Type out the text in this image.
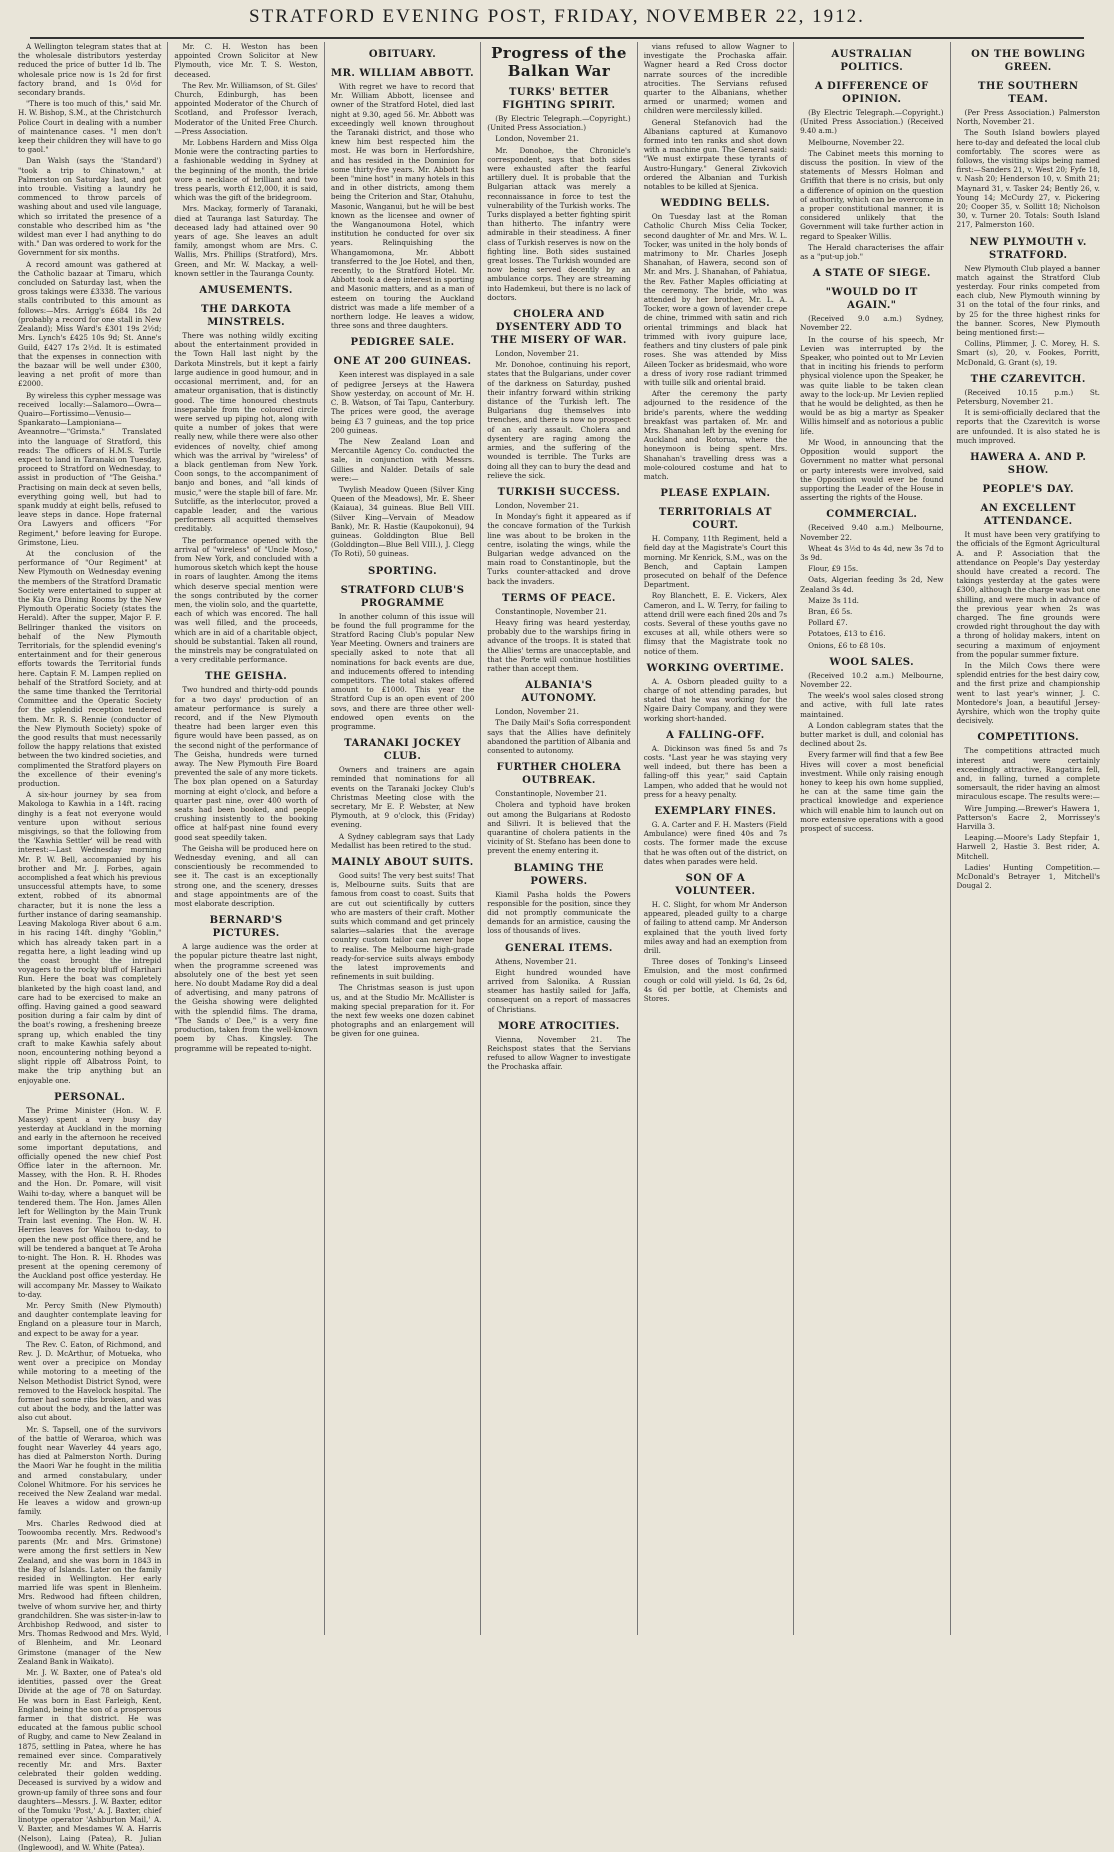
STRATFORD EVENING POST, FRIDAY, NOVEMBER 22, 1912.

A Wellington telegram states that at the wholesale distributors yesterday reduced the price of butter 1d lb. The wholesale price now is 1s 2d for first factory brand, and 1s 0½d for secondary brands.

"There is too much of this," said Mr. H. W. Bishop, S.M., at the Christchurch Police Court in dealing with a number of maintenance cases. "I men don't keep their children they will have to go to gaol."

Dan Walsh (says the 'Standard') "took a trip to Chinatown," at Palmerston on Saturday last, and got into trouble. Visiting a laundry he commenced to throw parcels of washing about and used vile language, which so irritated the presence of a constable who described him as "the wildest man ever I had anything to do with." Dan was ordered to work for the Government for six months.

A record amount was gathered at the Catholic bazaar at Timaru, which concluded on Saturday last, when the gross takings were £3338. The various stalls contributed to this amount as follows:—Mrs. Arrigg's £684 18s 2d (probably a record for one stall in New Zealand); Miss Ward's £301 19s 2½d; Mrs. Lynch's £425 10s 9d; St. Anne's Guild, £427 17s 2½d. It is estimated that the expenses in connection with the bazaar will be well under £300, leaving a net profit of more than £2000.

By wireless this cypher message was received locally:—Salamoro—Owra—Quairo—Fortissimo—Venusio—Spankarato—Lampioniana—Aveannotre—"Grimsta." Translated into the language of Stratford, this reads: The officers of H.M.S. Turtle expect to land in Taranaki on Tuesday, proceed to Stratford on Wednesday, to assist in production of "The Geisha." Practising on main deck at seven bells, everything going well, but had to spank muddy at eight bells, refused to leave steps in dance. Hope fraternal Ora Lawyers and officers "For Regiment," before leaving for Europe. Grimstone, Lieu.

At the conclusion of the performance of "Our Regiment" at New Plymouth on Wednesday evening the members of the Stratford Dramatic Society were entertained to supper at the Kia Ora Dining Rooms by the New Plymouth Operatic Society (states the Herald). After the supper, Major F. F. Bellringer thanked the visitors on behalf of the New Plymouth Territorials, for the splendid evening's entertainment and for their generous efforts towards the Territorial funds here. Captain F. M. Lampen replied on behalf of the Stratford Society, and at the same time thanked the Territorial Committee and the Operatic Society for the splendid reception tendered them. Mr. R. S. Rennie (conductor of the New Plymouth Society) spoke of the good results that must necessarily follow the happy relations that existed between the two kindred societies, and complimented the Stratford players on the excellence of their evening's production.

A six-hour journey by sea from Makologa to Kawhia in a 14ft. racing dinghy is a feat not everyone would venture upon without serious misgivings, so that the following from the 'Kawhia Settler' will be read with interest:—Last Wednesday morning Mr. P. W. Bell, accompanied by his brother and Mr. J. Forbes, again accomplished a feat which his previous unsuccessful attempts have, to some extent, robbed of its abnormal character, but it is none the less a further instance of daring seamanship. Leaving Makologa River about 6 a.m. in his racing 14ft. dinghy "Goblin," which has already taken part in a regatta here, a light leading wind up the coast brought the intrepid voyagers to the rocky bluff of Harihari Run. Here the boat was completely blanketed by the high coast land, and care had to be exercised to make an offing. Having gained a good seaward position during a fair calm by dint of the boat's rowing, a freshening breeze sprang up, which enabled the tiny craft to make Kawhia safely about noon, encountering nothing beyond a slight ripple off Albatross Point, to make the trip anything but an enjoyable one.

PERSONAL.

The Prime Minister (Hon. W. F. Massey) spent a very busy day yesterday at Auckland in the morning and early in the afternoon he received some important deputations, and officially opened the new chief Post Office later in the afternoon. Mr. Massey, with the Hon. R. H. Rhodes and the Hon. Dr. Pomare, will visit Waihi to-day, where a banquet will be tendered them. The Hon. James Allen left for Wellington by the Main Trunk Train last evening. The Hon. W. H. Herries leaves for Waihou to-day, to open the new post office there, and he will be tendered a banquet at Te Aroha to-night. The Hon. R. H. Rhodes was present at the opening ceremony of the Auckland post office yesterday. He will accompany Mr. Massey to Waikato to-day.

Mr. Percy Smith (New Plymouth) and daughter contemplate leaving for England on a pleasure tour in March, and expect to be away for a year.

The Rev. C. Eaton, of Richmond, and Rev. J. D. McArthur, of Motueka, who went over a precipice on Monday while motoring to a meeting of the Nelson Methodist District Synod, were removed to the Havelock hospital. The former had some ribs broken, and was cut about the body, and the latter was also cut about.

Mr. S. Tapsell, one of the survivors of the battle of Weraroa, which was fought near Waverley 44 years ago, has died at Palmerston North. During the Maori War he fought in the militia and armed constabulary, under Colonel Whitmore. For his services he received the New Zealand war medal. He leaves a widow and grown-up family.

Mrs. Charles Redwood died at Toowoomba recently. Mrs. Redwood's parents (Mr. and Mrs. Grimstone) were among the first settlers in New Zealand, and she was born in 1843 in the Bay of Islands. Later on the family resided in Wellington. Her early married life was spent in Blenheim. Mrs. Redwood had fifteen children, twelve of whom survive her, and thirty grandchildren. She was sister-in-law to Archbishop Redwood, and sister to Mrs. Thomas Redwood and Mrs. Wyld, of Blenheim, and Mr. Leonard Grimstone (manager of the New Zealand Bank in Waikato).

Mr. J. W. Baxter, one of Patea's old identities, passed over the Great Divide at the age of 78 on Saturday. He was born in East Farleigh, Kent, England, being the son of a prosperous farmer in that district. He was educated at the famous public school of Rugby, and came to New Zealand in 1875, settling in Patea, where he has remained ever since. Comparatively recently Mr. and Mrs. Baxter celebrated their golden wedding. Deceased is survived by a widow and grown-up family of three sons and four daughters—Messrs. J. W. Baxter, editor of the Tomuku 'Post,' A. J. Baxter, chief linotype operator 'Ashburton Mail,' A. V. Baxter, and Mesdames W. A. Harris (Nelson), Laing (Patea), R. Julian (Inglewood), and W. White (Patea).

Mr. C. H. Weston has been appointed Crown Solicitor at New Plymouth, vice Mr. T. S. Weston, deceased.

The Rev. Mr. Williamson, of St. Giles' Church, Edinburgh, has been appointed Moderator of the Church of Scotland, and Professor Iverach, Moderator of the United Free Church.—Press Association.

Mr. Lobbens Hardern and Miss Olga Monie were the contracting parties to a fashionable wedding in Sydney at the beginning of the month, the bride wore a necklace of brilliant and two tress pearls, worth £12,000, it is said, which was the gift of the bridegroom.

Mrs. Mackay, formerly of Taranaki, died at Tauranga last Saturday. The deceased lady had attained over 90 years of age. She leaves an adult family, amongst whom are Mrs. C. Wallis, Mrs. Phillips (Stratford), Mrs. Green, and Mr. W. Mackay, a well-known settler in the Tauranga County.

AMUSEMENTS.
THE DARKOTA MINSTRELS.

There was nothing wildly exciting about the entertainment provided in the Town Hall last night by the Darkota Minstrels, but it kept a fairly large audience in good humour, and in occasional merriment, and, for an amateur organisation, that is distinctly good. The time honoured chestnuts inseparable from the coloured circle were served up piping hot, along with quite a number of jokes that were really new, while there were also other evidences of novelty, chief among which was the arrival by "wireless" of a black gentleman from New York. Coon songs, to the accompaniment of banjo and bones, and "all kinds of music," were the staple bill of fare. Mr. Sutcliffe, as the interlocutor, proved a capable leader, and the various performers all acquitted themselves creditably.

The performance opened with the arrival of "wireless" of "Uncle Moso," from New York, and concluded with a humorous sketch which kept the house in roars of laughter. Among the items which deserve special mention were the songs contributed by the corner men, the violin solo, and the quartette, each of which was encored. The hall was well filled, and the proceeds, which are in aid of a charitable object, should be substantial. Taken all round, the minstrels may be congratulated on a very creditable performance.

THE GEISHA.

Two hundred and thirty-odd pounds for a two days' production of an amateur performance is surely a record, and if the New Plymouth theatre had been larger even this figure would have been passed, as on the second night of the performance of The Geisha, hundreds were turned away. The New Plymouth Fire Board prevented the sale of any more tickets. The box plan opened on a Saturday morning at eight o'clock, and before a quarter past nine, over 400 worth of seats had been booked, and people crushing insistently to the booking office at half-past nine found every good seat speedily taken.

The Geisha will be produced here on Wednesday evening, and all can conscientiously be recommended to see it. The cast is an exceptionally strong one, and the scenery, dresses and stage appointments are of the most elaborate description.

BERNARD'S PICTURES.

A large audience was the order at the popular picture theatre last night, when the programme screened was absolutely one of the best yet seen here. No doubt Madame Roy did a deal of advertising, and many patrons of the Geisha showing were delighted with the splendid films. The drama, "The Sands o' Dee," is a very fine production, taken from the well-known poem by Chas. Kingsley. The programme will be repeated to-night.

OBITUARY.
MR. WILLIAM ABBOTT.

With regret we have to record that Mr. William Abbott, licensee and owner of the Stratford Hotel, died last night at 9.30, aged 56. Mr. Abbott was exceedingly well known throughout the Taranaki district, and those who knew him best respected him the most. He was born in Herfordshire, and has resided in the Dominion for some thirty-five years. Mr. Abbott has been "mine host" in many hotels in this and in other districts, among them being the Criterion and Star, Otahuhu, Masonic, Wanganui, but he will be best known as the licensee and owner of the Wanganoumona Hotel, which institution he conducted for over six years. Relinquishing the Whangamomona, Mr. Abbott transferred to the Joe Hotel, and then, recently, to the Stratford Hotel. Mr. Abbott took a deep interest in sporting and Masonic matters, and as a man of esteem on touring the Auckland district was made a life member of a northern lodge. He leaves a widow, three sons and three daughters.

PEDIGREE SALE.
ONE AT 200 GUINEAS.

Keen interest was displayed in a sale of pedigree Jerseys at the Hawera Show yesterday, on account of Mr. H. C. B. Watson, of Tai Tapu, Canterbury. The prices were good, the average being £3 7 guineas, and the top price 200 guineas.

The New Zealand Loan and Mercantile Agency Co. conducted the sale, in conjunction with Messrs. Gillies and Nalder. Details of sale were:—

Twylish Meadow Queen (Silver King Queen of the Meadows), Mr. E. Sheer (Kaiaua), 34 guineas. Blue Bell VIII. (Silver King—Vervain of Meadow Bank), Mr. R. Hastie (Kaupokonui), 94 guineas. Golddington Blue Bell (Golddington—Blue Bell VIII.), J. Clegg (To Roti), 50 guineas.

SPORTING.
STRATFORD CLUB'S PROGRAMME

In another column of this issue will be found the full programme for the Stratford Racing Club's popular New Year Meeting. Owners and trainers are specially asked to note that all nominations for back events are due, and inducements offered to intending competitors. The total stakes offered amount to £1000. This year the Stratford Cup is an open event of 200 sovs, and there are three other well-endowed open events on the programme.

TARANAKI JOCKEY CLUB.

Owners and trainers are again reminded that nominations for all events on the Taranaki Jockey Club's Christmas Meeting close with the secretary, Mr E. P. Webster, at New Plymouth, at 9 o'clock, this (Friday) evening.

A Sydney cablegram says that Lady Medallist has been retired to the stud.

MAINLY ABOUT SUITS.

Good suits! The very best suits! That is, Melbourne suits. Suits that are famous from coast to coast. Suits that are cut out scientifically by cutters who are masters of their craft. Mother suits which command and get princely salaries—salaries that the average country custom tailor can never hope to realise. The Melbourne high-grade ready-for-service suits always embody the latest improvements and refinements in suit building.

The Christmas season is just upon us, and at the Studio Mr. McAllister is making special preparation for it. For the next few weeks one dozen cabinet photographs and an enlargement will be given for one guinea.

Progress of the Balkan War
TURKS' BETTER FIGHTING SPIRIT.

(By Electric Telegraph.—Copyright.) (United Press Association.)

London, November 21.

Mr. Donohoe, the Chronicle's correspondent, says that both sides were exhausted after the fearful artillery duel. It is probable that the Bulgarian attack was merely a reconnaissance in force to test the vulnerability of the Turkish works. The Turks displayed a better fighting spirit than hitherto. The infantry were admirable in their steadiness. A finer class of Turkish reserves is now on the fighting line. Both sides sustained great losses. The Turkish wounded are now being served decently by an ambulance corps. They are streaming into Hademkeui, but there is no lack of doctors.

CHOLERA AND DYSENTERY ADD TO THE MISERY OF WAR.

London, November 21.

Mr. Donohoe, continuing his report, states that the Bulgarians, under cover of the darkness on Saturday, pushed their infantry forward within striking distance of the Turkish left. The Bulgarians dug themselves into trenches, and there is now no prospect of an early assault. Cholera and dysentery are raging among the armies, and the suffering of the wounded is terrible. The Turks are doing all they can to bury the dead and relieve the sick.

TURKISH SUCCESS.

London, November 21.

In Monday's fight it appeared as if the concave formation of the Turkish line was about to be broken in the centre, isolating the wings, while the Bulgarian wedge advanced on the main road to Constantinople, but the Turks counter-attacked and drove back the invaders.

TERMS OF PEACE.

Constantinople, November 21.

Heavy firing was heard yesterday, probably due to the warships firing in advance of the troops. It is stated that the Allies' terms are unacceptable, and that the Porte will continue hostilities rather than accept them.

ALBANIA'S AUTONOMY.

London, November 21.

The Daily Mail's Sofia correspondent says that the Allies have definitely abandoned the partition of Albania and consented to autonomy.

FURTHER CHOLERA OUTBREAK.

Constantinople, November 21.

Cholera and typhoid have broken out among the Bulgarians at Rodosto and Silivri. It is believed that the quarantine of cholera patients in the vicinity of St. Stefano has been done to prevent the enemy entering it.

BLAMING THE POWERS.

Kiamil Pasha holds the Powers responsible for the position, since they did not promptly communicate the demands for an armistice, causing the loss of thousands of lives.

GENERAL ITEMS.

Athens, November 21.

Eight hundred wounded have arrived from Salonika. A Russian steamer has hastily sailed for Jaffa, consequent on a report of massacres of Christians.

MORE ATROCITIES.

Vienna, November 21. The Reichspost states that the Servians refused to allow Wagner to investigate the Prochaska affair.

vians refused to allow Wagner to investigate the Prochaska affair. Wagner heard a Red Cross doctor narrate sources of the incredible atrocities. The Servians refused quarter to the Albanians, whether armed or unarmed; women and children were mercilessly killed.

General Stefanovich had the Albanians captured at Kumanovo formed into ten ranks and shot down with a machine gun. The General said: "We must extirpate these tyrants of Austro-Hungary." General Zivkovich ordered the Albanian and Turkish notables to be killed at Sjenica.

WEDDING BELLS.

On Tuesday last at the Roman Catholic Church Miss Celia Tocker, second daughter of Mr. and Mrs. W. L. Tocker, was united in the holy bonds of matrimony to Mr. Charles Joseph Shanahan, of Hawera, second son of Mr. and Mrs. J. Shanahan, of Pahiatua, the Rev. Father Maples officiating at the ceremony. The bride, who was attended by her brother, Mr. L. A. Tocker, wore a gown of lavender crepe de chine, trimmed with satin and rich oriental trimmings and black hat trimmed with ivory guipure lace, feathers and tiny clusters of pale pink roses. She was attended by Miss Aileen Tocker as bridesmaid, who wore a dress of ivory rose radiant trimmed with tuille silk and oriental braid.

After the ceremony the party adjourned to the residence of the bride's parents, where the wedding breakfast was partaken of. Mr. and Mrs. Shanahan left by the evening for Auckland and Rotorua, where the honeymoon is being spent. Mrs. Shanahan's travelling dress was a mole-coloured costume and hat to match.

PLEASE EXPLAIN.
TERRITORIALS AT COURT.

H. Company, 11th Regiment, held a field day at the Magistrate's Court this morning. Mr Kenrick, S.M., was on the Bench, and Captain Lampen prosecuted on behalf of the Defence Department.

Roy Blanchett, E. E. Vickers, Alex Cameron, and L. W. Terry, for failing to attend drill were each fined 20s and 7s costs. Several of these youths gave no excuses at all, while others were so flimsy that the Magistrate took no notice of them.

WORKING OVERTIME.

A. A. Osborn pleaded guilty to a charge of not attending parades, but stated that he was working for the Ngaire Dairy Company, and they were working short-handed.

A FALLING-OFF.

A. Dickinson was fined 5s and 7s costs. "Last year he was staying very well indeed, but there has been a falling-off this year," said Captain Lampen, who added that he would not press for a heavy penalty.

EXEMPLARY FINES.

G. A. Carter and F. H. Masters (Field Ambulance) were fined 40s and 7s costs. The former made the excuse that he was often out of the district, on dates when parades were held.

SON OF A VOLUNTEER.

H. C. Slight, for whom Mr Anderson appeared, pleaded guilty to a charge of failing to attend camp. Mr Anderson explained that the youth lived forty miles away and had an exemption from drill.

Three doses of Tonking's Linseed Emulsion, and the most confirmed cough or cold will yield. 1s 6d, 2s 6d, 4s 6d per bottle, at Chemists and Stores.

AUSTRALIAN POLITICS.
A DIFFERENCE OF OPINION.

(By Electric Telegraph.—Copyright.) (United Press Association.) (Received 9.40 a.m.)

Melbourne, November 22.

The Cabinet meets this morning to discuss the position. In view of the statements of Messrs Holman and Griffith that there is no crisis, but only a difference of opinion on the question of authority, which can be overcome in a proper constitutional manner, it is considered unlikely that the Government will take further action in regard to Speaker Willis.

The Herald characterises the affair as a "put-up job."

A STATE OF SIEGE.
"WOULD DO IT AGAIN."

(Received 9.0 a.m.) Sydney, November 22.

In the course of his speech, Mr Levien was interrupted by the Speaker, who pointed out to Mr Levien that in inciting his friends to perform physical violence upon the Speaker, he was quite liable to be taken clean away to the lock-up. Mr Levien replied that he would be delighted, as then he would be as big a martyr as Speaker Willis himself and as notorious a public life.

Mr Wood, in announcing that the Opposition would support the Government no matter what personal or party interests were involved, said the Opposition would ever be found supporting the Leader of the House in asserting the rights of the House.

COMMERCIAL.

(Received 9.40 a.m.) Melbourne, November 22.

Wheat 4s 3½d to 4s 4d, new 3s 7d to 3s 9d.

Flour, £9 15s.

Oats, Algerian feeding 3s 2d, New Zealand 3s 4d.

Maize 3s 11d.

Bran, £6 5s.

Pollard £7.

Potatoes, £13 to £16.

Onions, £6 to £8 10s.

WOOL SALES.

(Received 10.2 a.m.) Melbourne, November 22.

The week's wool sales closed strong and active, with full late rates maintained.

A London cablegram states that the butter market is dull, and colonial has declined about 2s.

Every farmer will find that a few Bee Hives will cover a most beneficial investment. While only raising enough honey to keep his own home supplied, he can at the same time gain the practical knowledge and experience which will enable him to launch out on more extensive operations with a good prospect of success.

ON THE BOWLING GREEN.
THE SOUTHERN TEAM.

(Per Press Association.) Palmerston North, November 21.

The South Island bowlers played here to-day and defeated the local club comfortably. The scores were as follows, the visiting skips being named first:—Sanders 21, v. West 20; Fyfe 18, v. Nash 20; Henderson 10, v. Smith 21; Maynard 31, v. Tasker 24; Bently 26, v. Young 14; McCurdy 27, v. Pickering 20; Cooper 35, v. Sollitt 18; Nicholson 30, v. Turner 20. Totals: South Island 217, Palmerston 160.

NEW PLYMOUTH v. STRATFORD.

New Plymouth Club played a banner match against the Stratford Club yesterday. Four rinks competed from each club, New Plymouth winning by 31 on the total of the four rinks, and by 25 for the three highest rinks for the banner. Scores, New Plymouth being mentioned first:—

Collins, Plimmer, J. C. Morey, H. S. Smart (s), 20, v. Fookes, Porritt, McDonald, G. Grant (s), 19.

THE CZAREVITCH.

(Received 10.15 p.m.) St. Petersburg, November 21.

It is semi-officially declared that the reports that the Czarevitch is worse are unfounded. It is also stated he is much improved.

HAWERA A. AND P. SHOW.
PEOPLE'S DAY.
AN EXCELLENT ATTENDANCE.

It must have been very gratifying to the officials of the Egmont Agricultural A. and P. Association that the attendance on People's Day yesterday should have created a record. The takings yesterday at the gates were £300, although the charge was but one shilling, and were much in advance of the previous year when 2s was charged. The fine grounds were crowded right throughout the day with a throng of holiday makers, intent on securing a maximum of enjoyment from the popular summer fixture.

In the Milch Cows there were splendid entries for the best dairy cow, and the first prize and championship went to last year's winner, J. C. Montedore's Joan, a beautiful Jersey-Ayrshire, which won the trophy quite decisively.

COMPETITIONS.

The competitions attracted much interest and were certainly exceedingly attractive, Rangatira fell, and, in falling, turned a complete somersault, the rider having an almost miraculous escape. The results were:—

Wire Jumping.—Brewer's Hawera 1, Patterson's Eacre 2, Morrissey's Harvilla 3.

Leaping.—Moore's Lady Stepfair 1, Harwell 2, Hastie 3. Best rider, A. Mitchell.

Ladies' Hunting Competition.—McDonald's Betrayer 1, Mitchell's Dougal 2.
